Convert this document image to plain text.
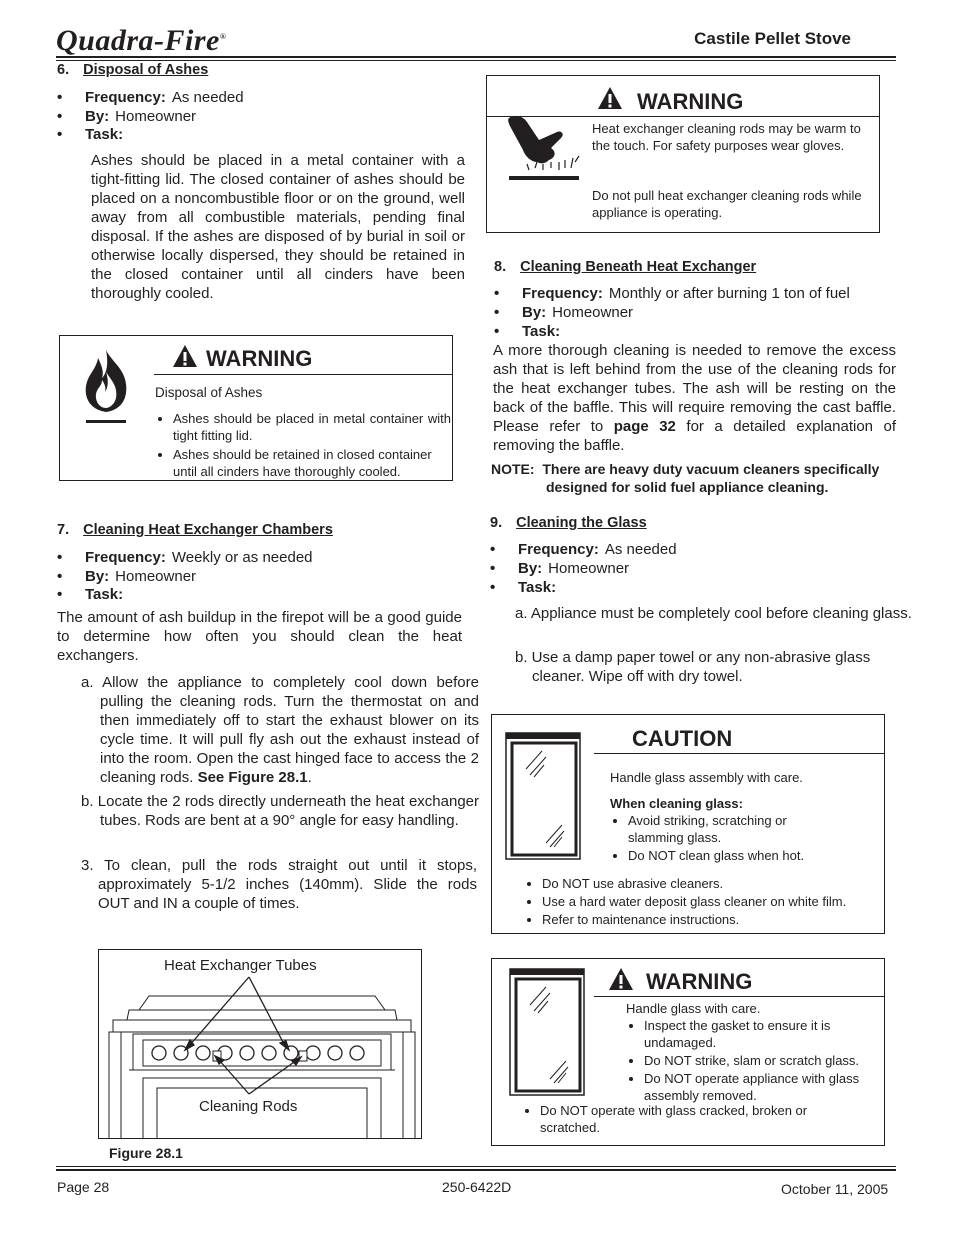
Quadra-Fire®	Castile Pellet Stove
6. Disposal of Ashes
• Frequency: As needed
• By: Homeowner
• Task:
Ashes should be placed in a metal container with a tight-fitting lid. The closed container of ashes should be placed on a noncombustible floor or on the ground, well away from all combustible materials, pending final disposal. If the ashes are disposed of by burial in soil or otherwise locally dispersed, they should be retained in the closed container until all cinders have been thoroughly cooled.
WARNING
Disposal of Ashes
• Ashes should be placed in metal container with tight fitting lid.
• Ashes should be retained in closed container until all cinders have thoroughly cooled.
7. Cleaning Heat Exchanger Chambers
• Frequency: Weekly or as needed
• By: Homeowner
• Task:
The amount of ash buildup in the firepot will be a good guide to determine how often you should clean the heat exchangers.
a. Allow the appliance to completely cool down before pulling the cleaning rods. Turn the thermostat on and then immediately off to start the exhaust blower on its cycle time. It will pull fly ash out the exhaust instead of into the room. Open the cast hinged face to access the 2 cleaning rods. See Figure 28.1.
b. Locate the 2 rods directly underneath the heat exchanger tubes. Rods are bent at a 90° angle for easy handling.
3. To clean, pull the rods straight out until it stops, approximately 5-1/2 inches (140mm). Slide the rods OUT and IN a couple of times.
Heat Exchanger Tubes
Cleaning Rods
Figure 28.1
WARNING
Heat exchanger cleaning rods may be warm to the touch. For safety purposes wear gloves.
Do not pull heat exchanger cleaning rods while appliance is operating.
8. Cleaning Beneath Heat Exchanger
• Frequency: Monthly or after burning 1 ton of fuel
• By: Homeowner
• Task:
A more thorough cleaning is needed to remove the excess ash that is left behind from the use of the cleaning rods for the heat exchanger tubes. The ash will be resting on the back of the baffle. This will require removing the cast baffle. Please refer to page 32 for a detailed explanation of removing the baffle.
NOTE: There are heavy duty vacuum cleaners specifically
designed for solid fuel appliance cleaning.
9. Cleaning the Glass
• Frequency: As needed
• By: Homeowner
• Task:
a. Appliance must be completely cool before cleaning glass.
b. Use a damp paper towel or any non-abrasive glass cleaner. Wipe off with dry towel.
CAUTION
Handle glass assembly with care.
When cleaning glass:
• Avoid striking, scratching or slamming glass.
• Do NOT clean glass when hot.
• Do NOT use abrasive cleaners.
• Use a hard water deposit glass cleaner on white film.
• Refer to maintenance instructions.
WARNING
Handle glass with care.
• Inspect the gasket to ensure it is undamaged.
• Do NOT strike, slam or scratch glass.
• Do NOT operate appliance with glass assembly removed.
• Do NOT operate with glass cracked, broken or scratched.
Page 28	250-6422D	October 11, 2005
